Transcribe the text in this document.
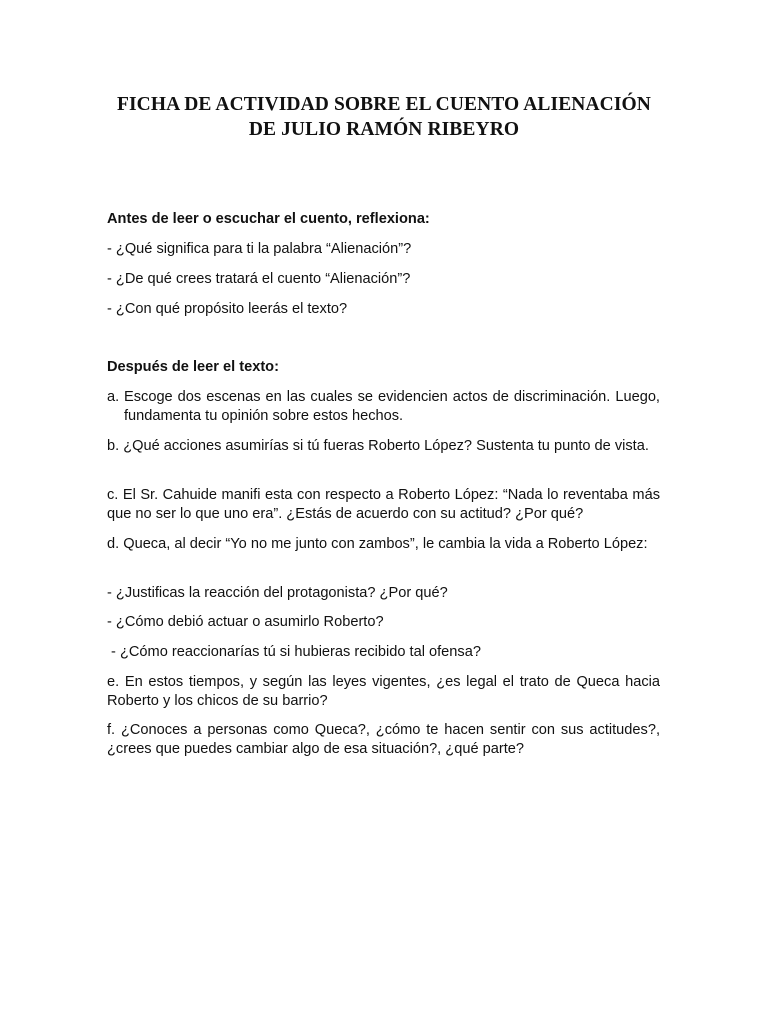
FICHA DE ACTIVIDAD SOBRE EL CUENTO ALIENACIÓN
DE JULIO RAMÓN RIBEYRO
Antes de leer o escuchar el cuento, reflexiona:
- ¿Qué significa para ti la palabra “Alienación”?
- ¿De qué crees tratará el cuento “Alienación”?
- ¿Con qué propósito leerás el texto?
Después de leer el texto:
a. Escoge dos escenas en las cuales se evidencien actos de discriminación. Luego, fundamenta tu opinión sobre estos hechos.
b. ¿Qué acciones asumirías si tú fueras Roberto López? Sustenta tu punto de vista.
c. El Sr. Cahuide manifi esta con respecto a Roberto López: “Nada lo reventaba más que no ser lo que uno era”. ¿Estás de acuerdo con su actitud? ¿Por qué?
d. Queca, al decir “Yo no me junto con zambos”, le cambia la vida a Roberto López:
- ¿Justificas la reacción del protagonista? ¿Por qué?
- ¿Cómo debió actuar o asumirlo Roberto?
- ¿Cómo reaccionarías tú si hubieras recibido tal ofensa?
e. En estos tiempos, y según las leyes vigentes, ¿es legal el trato de Queca hacia Roberto y los chicos de su barrio?
f. ¿Conoces a personas como Queca?, ¿cómo te hacen sentir con sus actitudes?, ¿crees que puedes cambiar algo de esa situación?, ¿qué parte?
